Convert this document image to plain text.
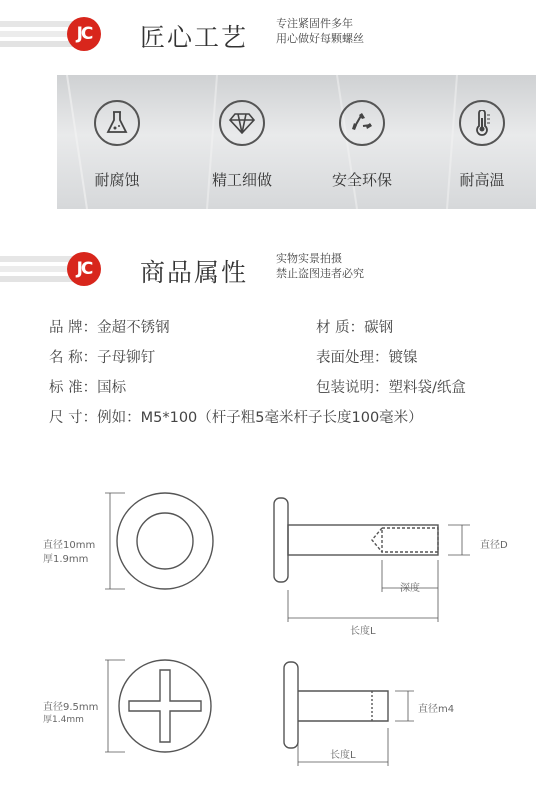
JC	匠心工艺	专注紧固件多年
用心做好每颗螺丝
耐腐蚀	精工细做	安全环保	耐高温
JC	商品属性	实物实景拍摄
禁止盗图违者必究
品 牌：金超不锈钢	材 质：碳钢
名 称：子母铆钉	表面处理：镀镍
标 准：国标	包装说明：塑料袋/纸盒
尺 寸：例如：M5*100（杆子粗5毫米杆子长度100毫米）
直径10mm
厚1.9mm
直径D
深度
长度L
直径9.5mm
厚1.4mm
直径m4
长度L
